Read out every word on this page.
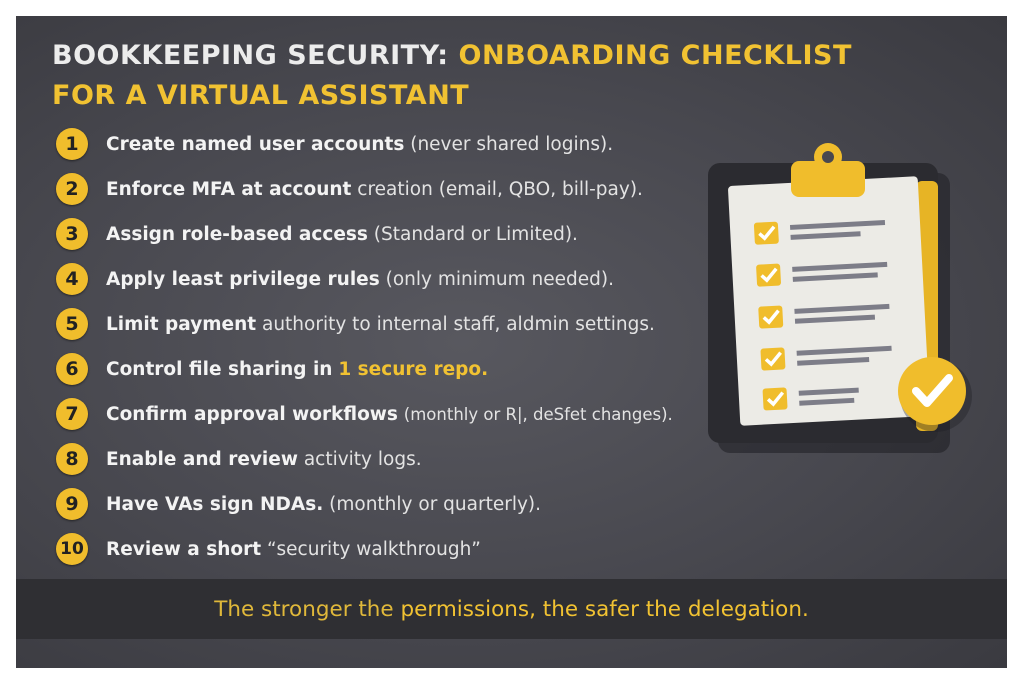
BOOKKEEPING SECURITY: ONBOARDING CHECKLIST
FOR A VIRTUAL ASSISTANT
1	Create named user accounts (never shared logins).
2	Enforce MFA at account creation (email, QBO, bill-pay).
3	Assign role-based access (Standard or Limited).
4	Apply least privilege rules (only minimum needed).
5	Limit payment authority to internal staff, aldmin settings.
6	Control file sharing in 1 secure repo.
7	Confirm approval workflows (monthly or R|, deSfet changes).
8	Enable and review activity logs.
9	Have VAs sign NDAs. (monthly or quarterly).
10 Review a short “security walkthrough”
The stronger the permissions, the safer the delegation.
